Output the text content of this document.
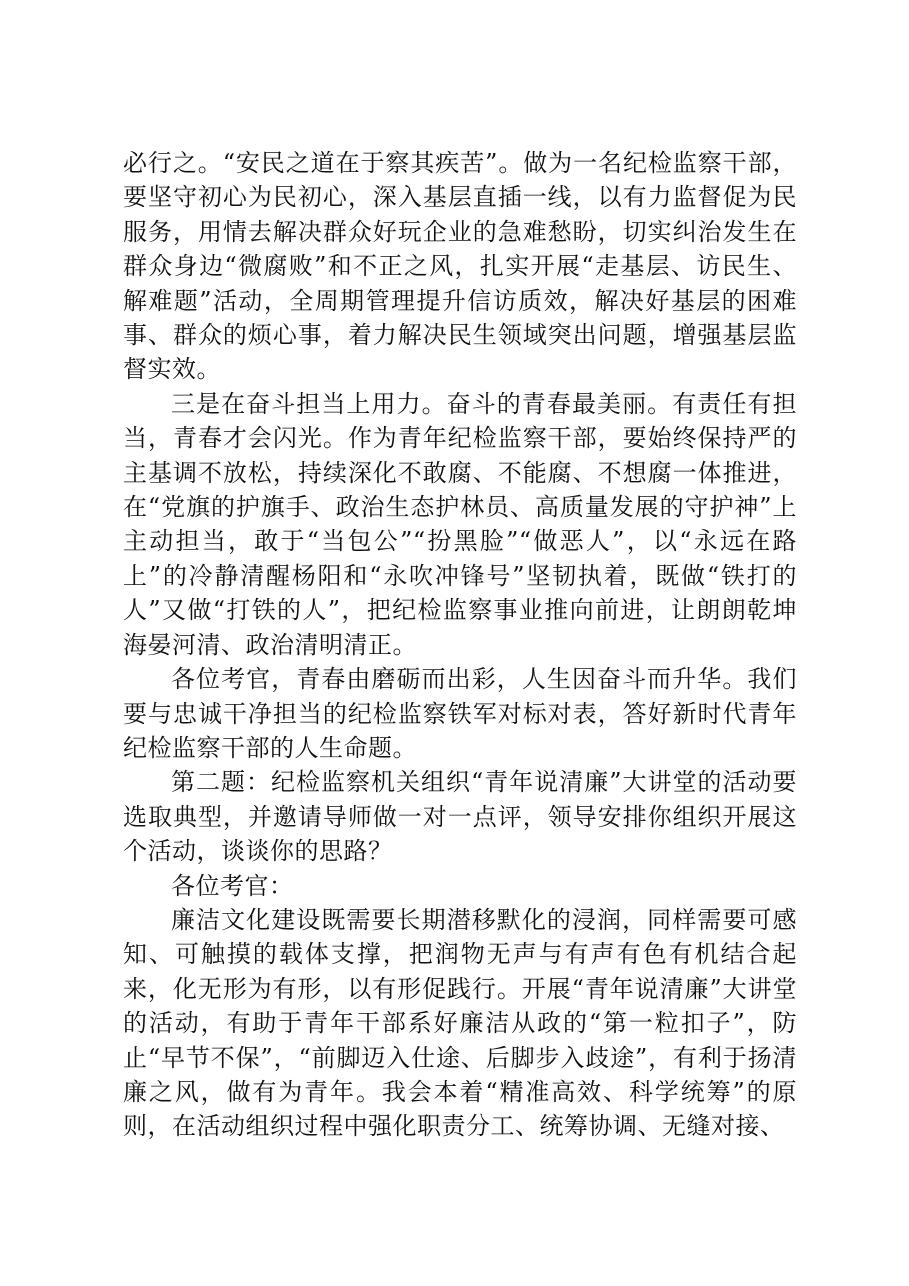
必行之。“安民之道在于察其疾苦”。做为一名纪检监察干部，要坚守初心为民初心，深入基层直插一线，以有力监督促为民服务，用情去解决群众好玩企业的急难愁盼，切实纠治发生在群众身边“微腐败”和不正之风，扎实开展“走基层、访民生、解难题”活动，全周期管理提升信访质效，解决好基层的困难事、群众的烦心事，着力解决民生领域突出问题，增强基层监督实效。

三是在奋斗担当上用力。奋斗的青春最美丽。有责任有担当，青春才会闪光。作为青年纪检监察干部，要始终保持严的主基调不放松，持续深化不敢腐、不能腐、不想腐一体推进，在“党旗的护旗手、政治生态护林员、高质量发展的守护神”上主动担当，敢于“当包公”“扮黑脸”“做恶人”，以“永远在路上”的冷静清醒杨阳和“永吹冲锋号”坚韧执着，既做“铁打的人”又做“打铁的人”，把纪检监察事业推向前进，让朗朗乾坤海晏河清、政治清明清正。

各位考官，青春由磨砺而出彩，人生因奋斗而升华。我们要与忠诚干净担当的纪检监察铁军对标对表，答好新时代青年纪检监察干部的人生命题。

第二题：纪检监察机关组织“青年说清廉”大讲堂的活动要选取典型，并邀请导师做一对一点评，领导安排你组织开展这个活动，谈谈你的思路？

各位考官：

廉洁文化建设既需要长期潜移默化的浸润，同样需要可感知、可触摸的载体支撑，把润物无声与有声有色有机结合起来，化无形为有形，以有形促践行。开展“青年说清廉”大讲堂的活动，有助于青年干部系好廉洁从政的“第一粒扣子”，防止“早节不保”，“前脚迈入仕途、后脚步入歧途”，有利于扬清廉之风，做有为青年。我会本着“精准高效、科学统筹”的原则，在活动组织过程中强化职责分工、统筹协调、无缝对接、
